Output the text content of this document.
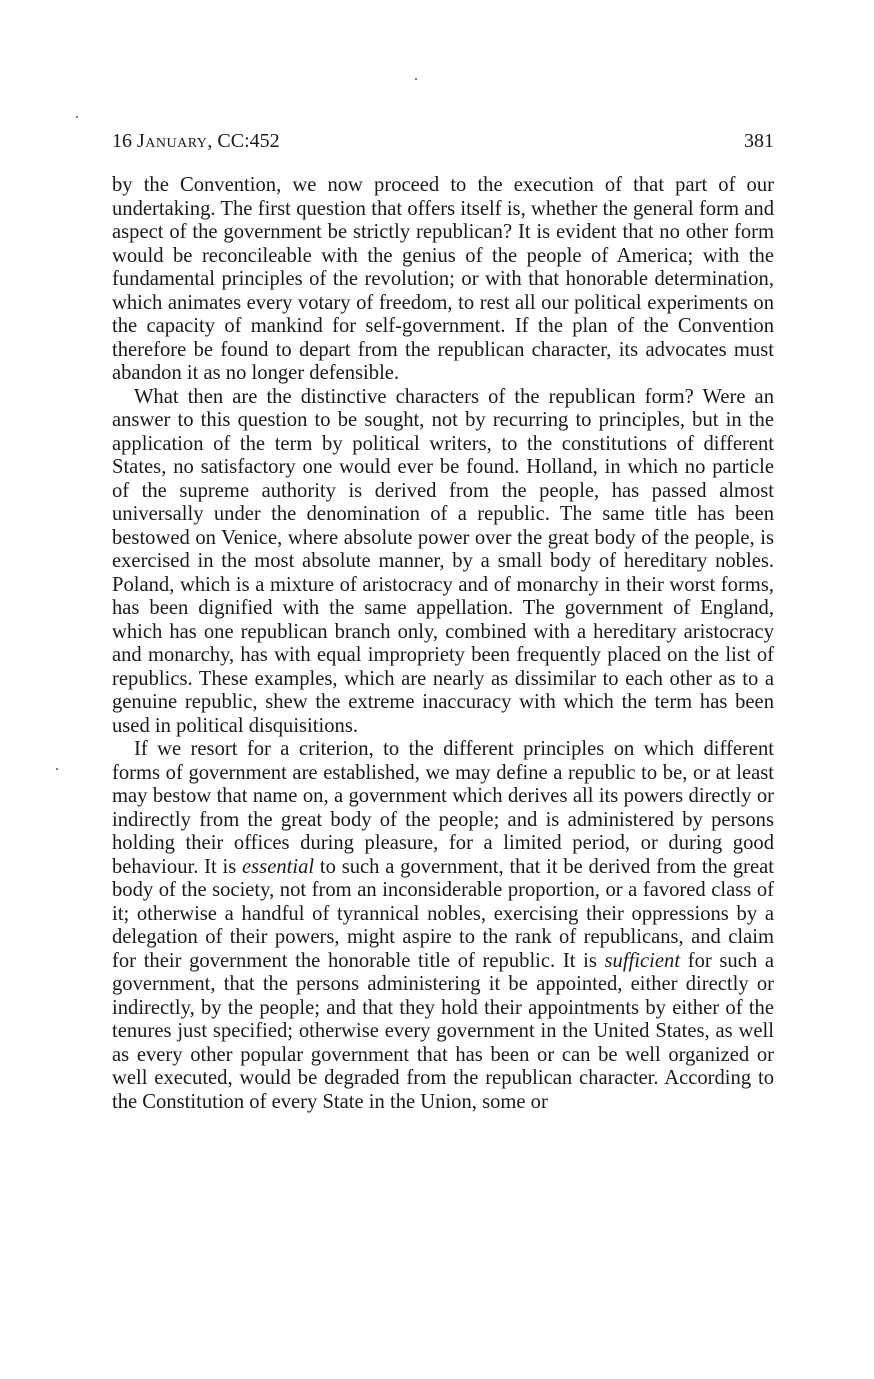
16 January, CC:452	381

by the Convention, we now proceed to the execution of that part of our undertaking. The first question that offers itself is, whether the general form and aspect of the government be strictly republican? It is evident that no other form would be reconcileable with the genius of the people of America; with the fundamental principles of the revolution; or with that honorable determination, which animates every votary of freedom, to rest all our political experiments on the capacity of mankind for self-government. If the plan of the Convention therefore be found to depart from the republican character, its advocates must abandon it as no longer defensible.

What then are the distinctive characters of the republican form? Were an answer to this question to be sought, not by recurring to principles, but in the application of the term by political writers, to the constitutions of different States, no satisfactory one would ever be found. Holland, in which no particle of the supreme authority is derived from the people, has passed almost universally under the denomination of a republic. The same title has been bestowed on Venice, where absolute power over the great body of the people, is exercised in the most absolute manner, by a small body of hereditary nobles. Poland, which is a mixture of aristocracy and of monarchy in their worst forms, has been dignified with the same appellation. The government of England, which has one republican branch only, combined with a hereditary aristocracy and monarchy, has with equal impropriety been frequently placed on the list of republics. These examples, which are nearly as dissimilar to each other as to a genuine republic, shew the extreme inaccuracy with which the term has been used in political disquisitions.

If we resort for a criterion, to the different principles on which different forms of government are established, we may define a republic to be, or at least may bestow that name on, a government which derives all its powers directly or indirectly from the great body of the people; and is administered by persons holding their offices during pleasure, for a limited period, or during good behaviour. It is essential to such a government, that it be derived from the great body of the society, not from an inconsiderable proportion, or a favored class of it; otherwise a handful of tyrannical nobles, exercising their oppressions by a delegation of their powers, might aspire to the rank of republicans, and claim for their government the honorable title of republic. It is sufficient for such a government, that the persons administering it be appointed, either directly or indirectly, by the people; and that they hold their appointments by either of the tenures just specified; otherwise every government in the United States, as well as every other popular government that has been or can be well organized or well executed, would be degraded from the republican character. According to the Constitution of every State in the Union, some or
